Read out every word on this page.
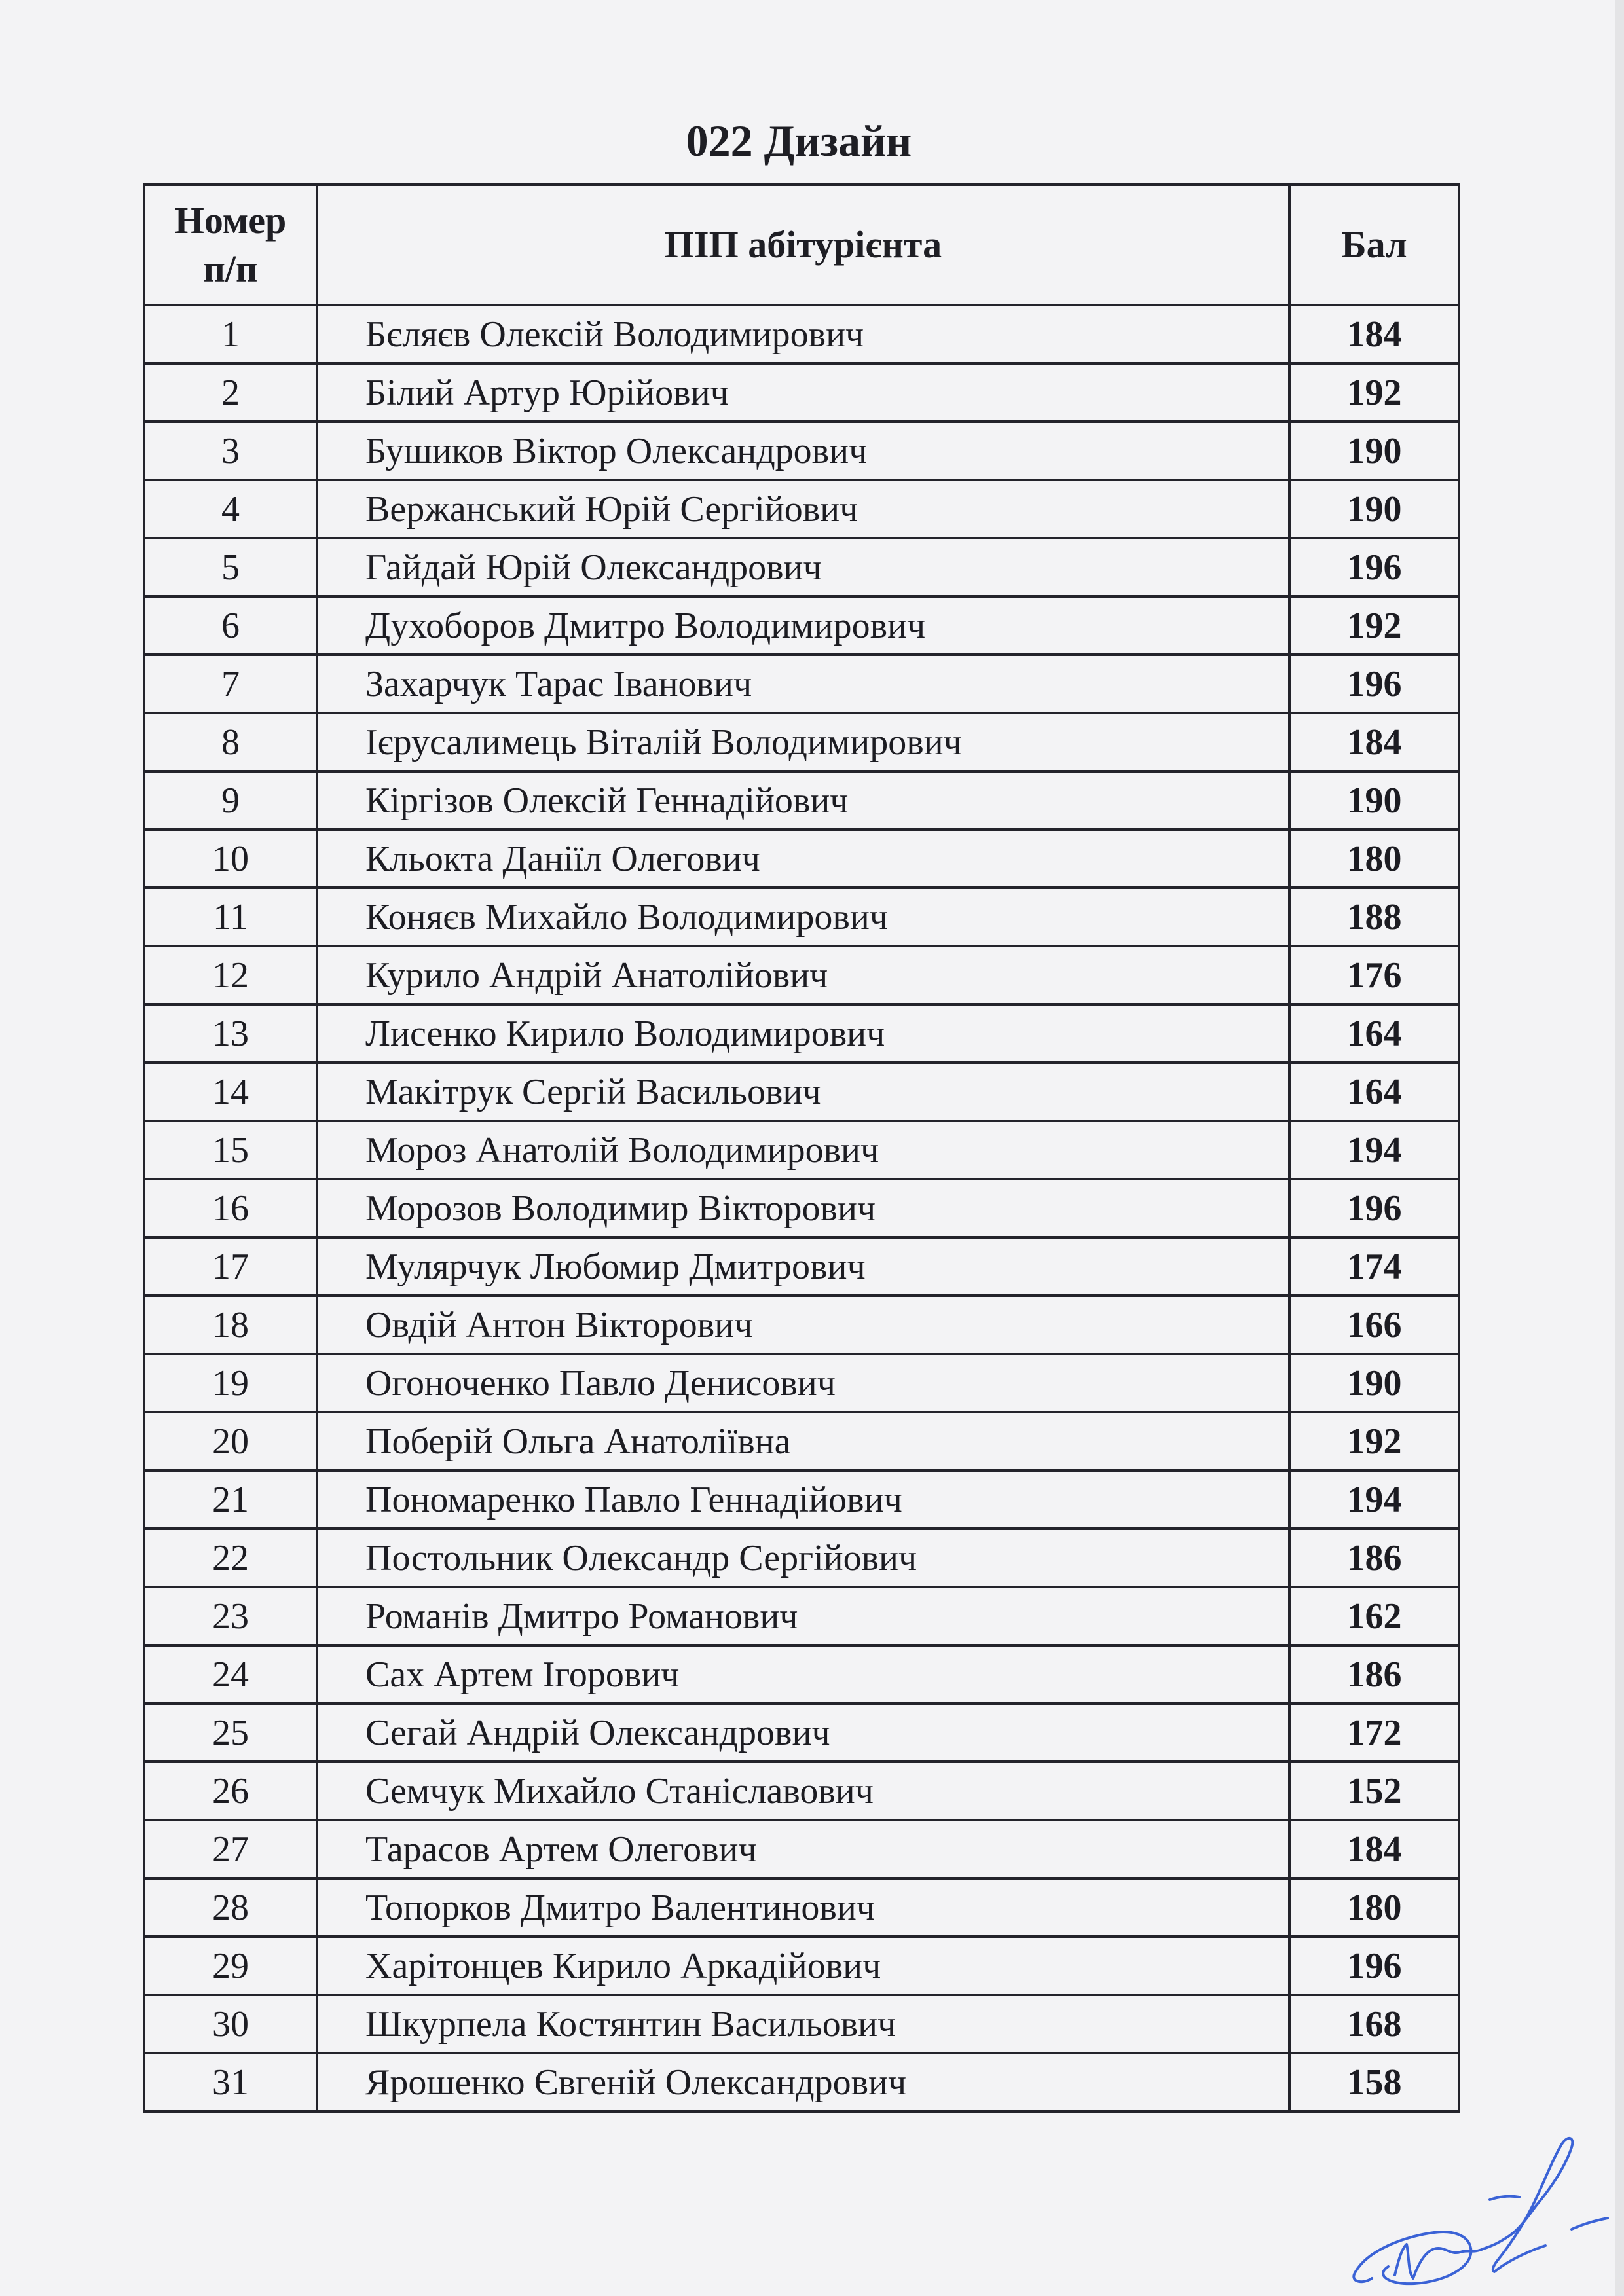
022 Дизайн
Номер
п/п	ПІП абітурієнта	Бал
1	Бєляєв Олексій Володимирович	184
2	Білий Артур Юрійович	192
3	Бушиков Віктор Олександрович	190
4	Вержанський Юрій Сергійович	190
5	Гайдай Юрій Олександрович	196
6	Духоборов Дмитро Володимирович	192
7	Захарчук Тарас Іванович	196
8	Ієрусалимець Віталій Володимирович	184
9	Кіргізов Олексій Геннадійович	190
10	Кльокта Даніїл Олегович	180
11	Коняєв Михайло Володимирович	188
12	Курило Андрій Анатолійович	176
13	Лисенко Кирило Володимирович	164
14	Макітрук Сергій Васильович	164
15	Мороз Анатолій Володимирович	194
16	Морозов Володимир Вікторович	196
17	Мулярчук Любомир Дмитрович	174
18	Овдій Антон Вікторович	166
19	Огоноченко Павло Денисович	190
20	Поберій Ольга Анатоліївна	192
21	Пономаренко Павло Геннадійович	194
22	Постольник Олександр Сергійович	186
23	Романів Дмитро Романович	162
24	Сах Артем Ігорович	186
25	Сегай Андрій Олександрович	172
26	Семчук Михайло Станіславович	152
27	Тарасов Артем Олегович	184
28	Топорков Дмитро Валентинович	180
29	Харітонцев Кирило Аркадійович	196
30	Шкурпела Костянтин Васильович	168
31	Ярошенко Євгеній Олександрович	158
